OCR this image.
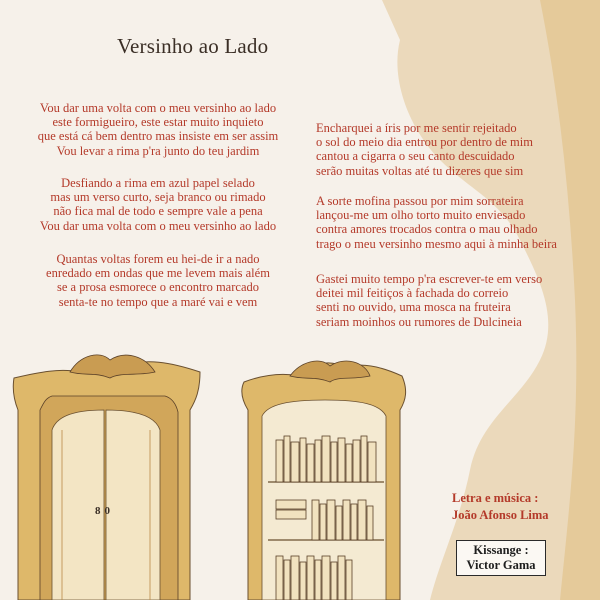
80
Versinho ao Lado
Vou dar uma volta com o meu versinho ao lado
este formigueiro, este estar muito inquieto
que está cá bem dentro mas insiste em ser assim
Vou levar a rima p'ra junto do teu jardim
Desfiando a rima em azul papel selado
mas um verso curto, seja branco ou rimado
não fica mal de todo e sempre vale a pena
Vou dar uma volta com o meu versinho ao lado
Quantas voltas forem eu hei-de ir a nado
enredado em ondas que me levem mais além
se a prosa esmorece o encontro marcado
senta-te no tempo que a maré vai e vem
Encharquei a íris por me sentir rejeitado
o sol do meio dia entrou por dentro de mim
cantou a cigarra o seu canto descuidado
serão muitas voltas até tu dizeres que sim
A sorte mofina passou por mim sorrateira
lançou-me um olho torto muito enviesado
contra amores trocados contra o mau olhado
trago o meu versinho mesmo aqui à minha beira
Gastei muito tempo p'ra escrever-te em verso
deitei mil feitiços à fachada do correio
senti no ouvido, uma mosca na fruteira
seriam moinhos ou rumores de Dulcineia
Letra e música :
João Afonso Lima
Kissange :
Victor Gama
